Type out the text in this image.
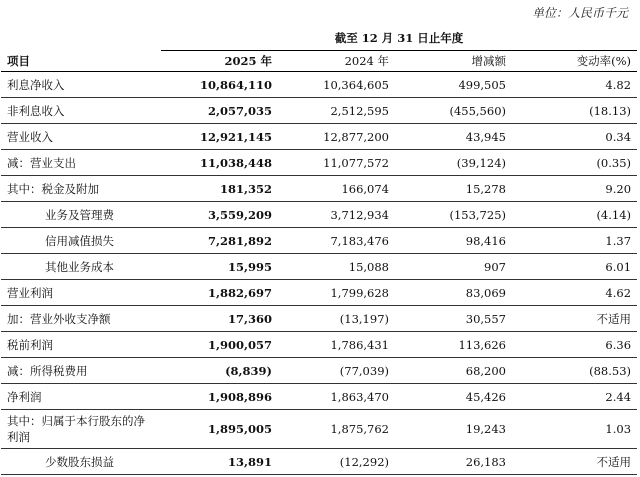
单位：人民币千元
	截至 12 月 31 日止年度			
项目	2025 年	2024 年	增减额	变动率(%)
利息净收入	10,864,110	10,364,605	499,505	4.82
非利息收入	2,057,035	2,512,595	(455,560)	(18.13)
营业收入	12,921,145	12,877,200	43,945	0.34
减：营业支出	11,038,448	11,077,572	(39,124)	(0.35)
其中：税金及附加	181,352	166,074	15,278	9.20
业务及管理费	3,559,209	3,712,934	(153,725)	(4.14)
信用减值损失	7,281,892	7,183,476	98,416	1.37
其他业务成本	15,995	15,088	907	6.01
营业利润	1,882,697	1,799,628	83,069	4.62
加：营业外收支净额	17,360	(13,197)	30,557	不适用
税前利润	1,900,057	1,786,431	113,626	6.36
减：所得税费用	(8,839)	(77,039)	68,200	(88.53)
净利润	1,908,896	1,863,470	45,426	2.44

其中：归属于本行股东的净利润	1,895,005	1,875,762	19,243	1.03
少数股东损益	13,891	(12,292)	26,183	不适用
